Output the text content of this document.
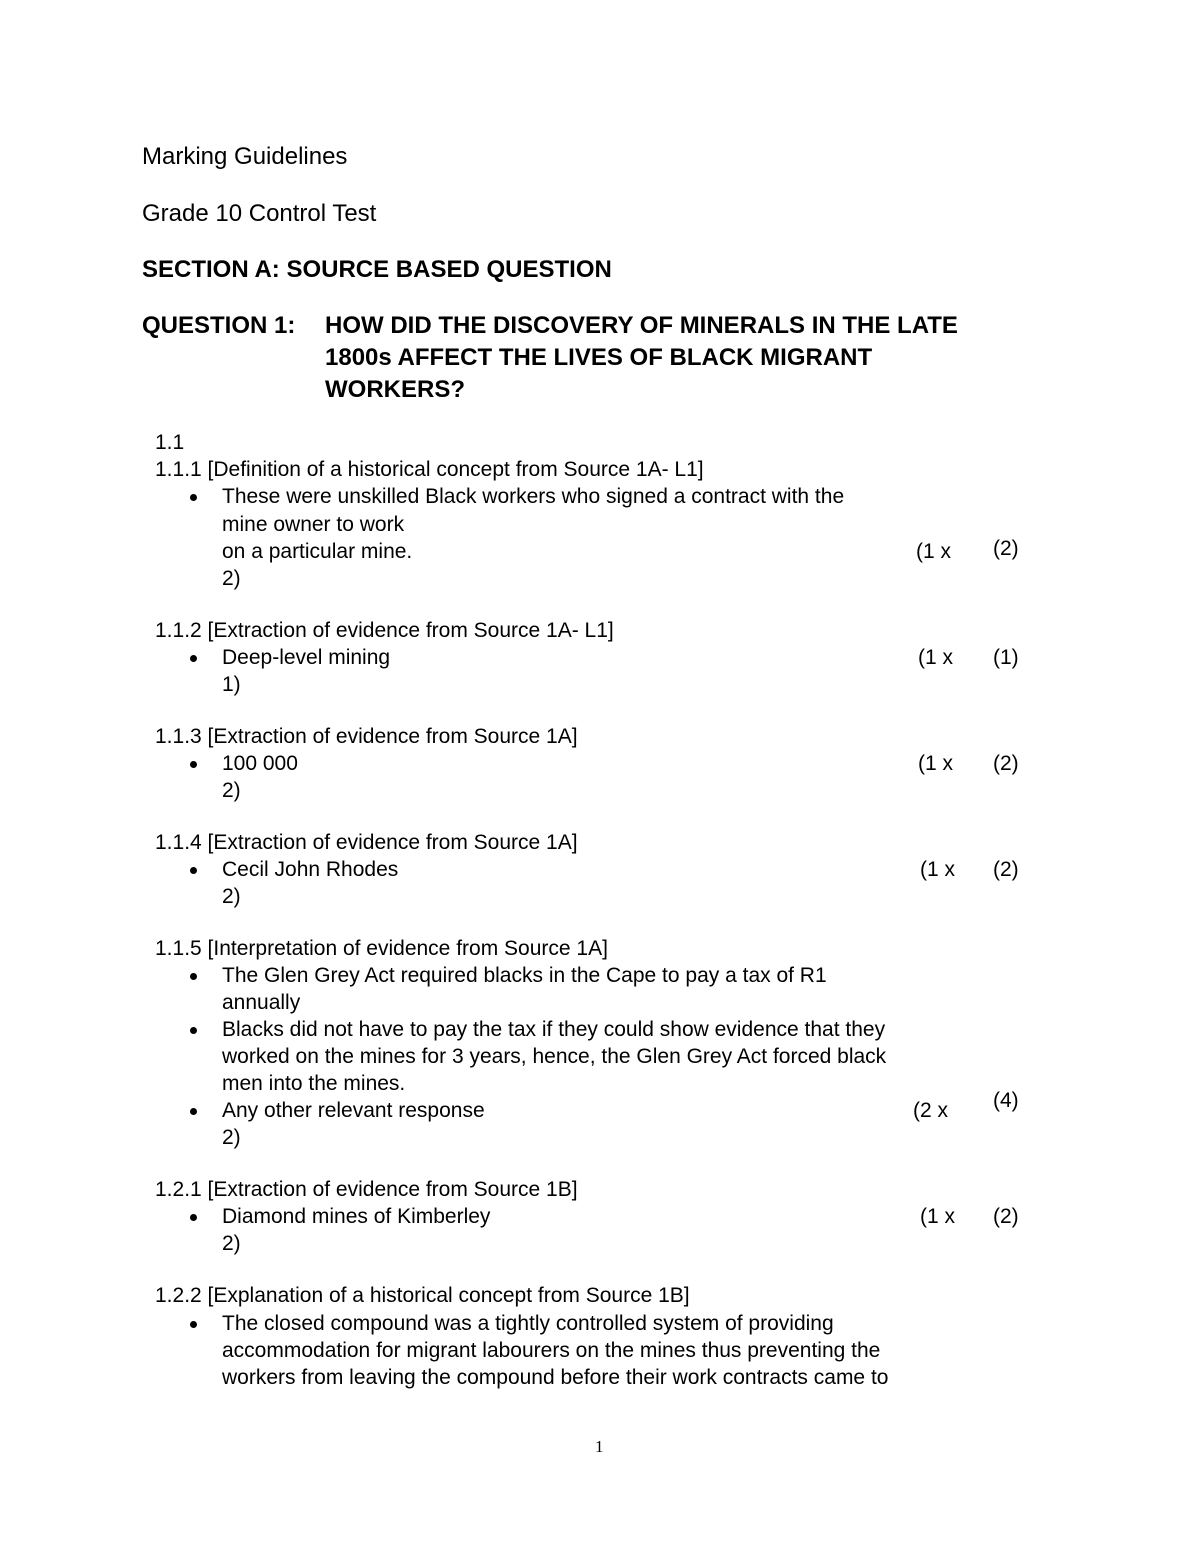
Marking Guidelines
Grade 10 Control Test
SECTION A: SOURCE BASED QUESTION
QUESTION 1: HOW DID THE DISCOVERY OF MINERALS IN THE LATE
1800s AFFECT THE LIVES OF BLACK MIGRANT
WORKERS?
1.1
1.1.1 [Definition of a historical concept from Source 1A- L1]
These were unskilled Black workers who signed a contract with the
mine owner to work
on a particular mine.	(1 x (2)
2)
1.1.2 [Extraction of evidence from Source 1A- L1]
Deep-level mining	(1 x (1)
1)
1.1.3 [Extraction of evidence from Source 1A]
100 000	(1 x (2)
2)
1.1.4 [Extraction of evidence from Source 1A]
Cecil John Rhodes	(1 x (2)
2)
1.1.5 [Interpretation of evidence from Source 1A]
The Glen Grey Act required blacks in the Cape to pay a tax of R1
annually
Blacks did not have to pay the tax if they could show evidence that they
worked on the mines for 3 years, hence, the Glen Grey Act forced black
men into the mines.
Any other relevant response	(2 x (4)
2)
1.2.1 [Extraction of evidence from Source 1B]
Diamond mines of Kimberley	(1 x (2)
2)
1.2.2 [Explanation of a historical concept from Source 1B]
The closed compound was a tightly controlled system of providing
accommodation for migrant labourers on the mines thus preventing the
workers from leaving the compound before their work contracts came to
1
